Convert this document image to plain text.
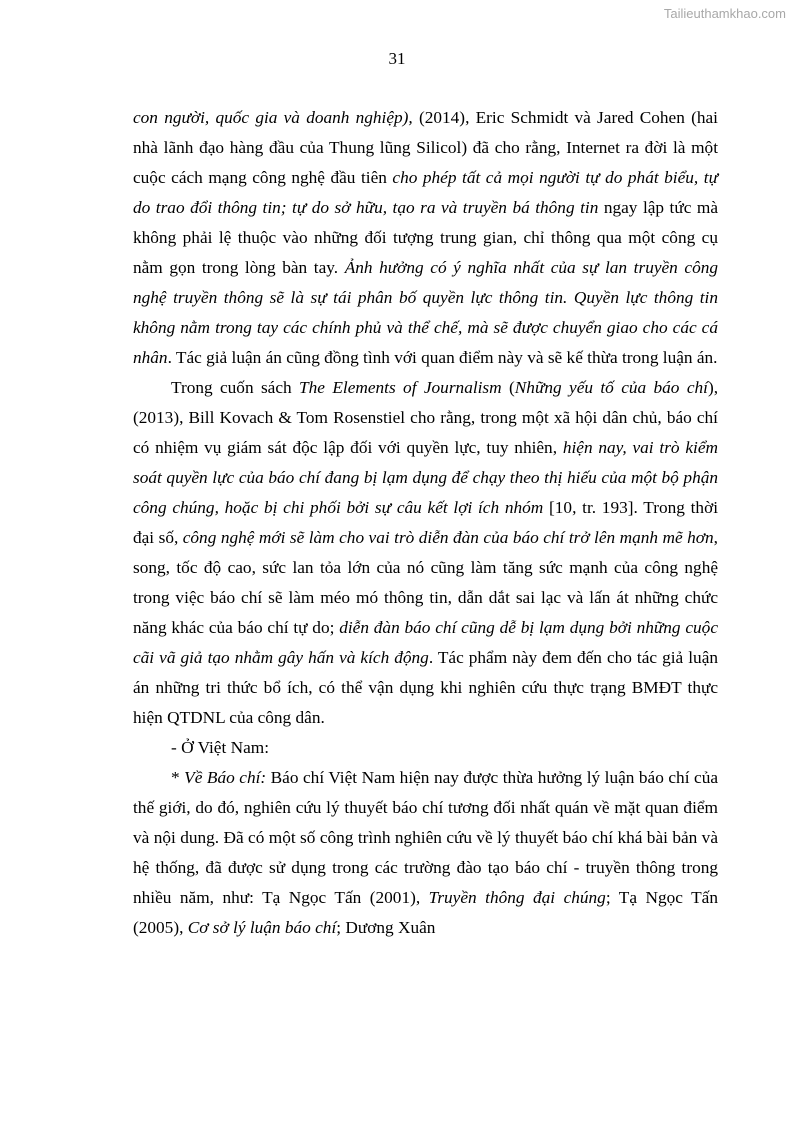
Tailieuthamkhao.com
31

con người, quốc gia và doanh nghiệp), (2014), Eric Schmidt và Jared Cohen (hai nhà lãnh đạo hàng đầu của Thung lũng Silicol) đã cho rằng, Internet ra đời là một cuộc cách mạng công nghệ đầu tiên cho phép tất cả mọi người tự do phát biểu, tự do trao đổi thông tin; tự do sở hữu, tạo ra và truyền bá thông tin ngay lập tức mà không phải lệ thuộc vào những đối tượng trung gian, chỉ thông qua một công cụ nằm gọn trong lòng bàn tay. Ảnh hưởng có ý nghĩa nhất của sự lan truyền công nghệ truyền thông sẽ là sự tái phân bố quyền lực thông tin. Quyền lực thông tin không nằm trong tay các chính phủ và thể chế, mà sẽ được chuyển giao cho các cá nhân. Tác giả luận án cũng đồng tình với quan điểm này và sẽ kế thừa trong luận án.

Trong cuốn sách The Elements of Journalism (Những yếu tố của báo chí), (2013), Bill Kovach & Tom Rosenstiel cho rằng, trong một xã hội dân chủ, báo chí có nhiệm vụ giám sát độc lập đối với quyền lực, tuy nhiên, hiện nay, vai trò kiểm soát quyền lực của báo chí đang bị lạm dụng để chạy theo thị hiếu của một bộ phận công chúng, hoặc bị chi phối bởi sự câu kết lợi ích nhóm [10, tr. 193]. Trong thời đại số, công nghệ mới sẽ làm cho vai trò diễn đàn của báo chí trở lên mạnh mẽ hơn, song, tốc độ cao, sức lan tỏa lớn của nó cũng làm tăng sức mạnh của công nghệ trong việc báo chí sẽ làm méo mó thông tin, dẫn dắt sai lạc và lấn át những chức năng khác của báo chí tự do; diễn đàn báo chí cũng dễ bị lạm dụng bởi những cuộc cãi vã giả tạo nhằm gây hấn và kích động. Tác phẩm này đem đến cho tác giả luận án những tri thức bổ ích, có thể vận dụng khi nghiên cứu thực trạng BMĐT thực hiện QTDNL của công dân.

- Ở Việt Nam:

* Về Báo chí: Báo chí Việt Nam hiện nay được thừa hưởng lý luận báo chí của thế giới, do đó, nghiên cứu lý thuyết báo chí tương đối nhất quán về mặt quan điểm và nội dung. Đã có một số công trình nghiên cứu về lý thuyết báo chí khá bài bản và hệ thống, đã được sử dụng trong các trường đào tạo báo chí - truyền thông trong nhiều năm, như: Tạ Ngọc Tấn (2001), Truyền thông đại chúng; Tạ Ngọc Tấn (2005), Cơ sở lý luận báo chí; Dương Xuân
